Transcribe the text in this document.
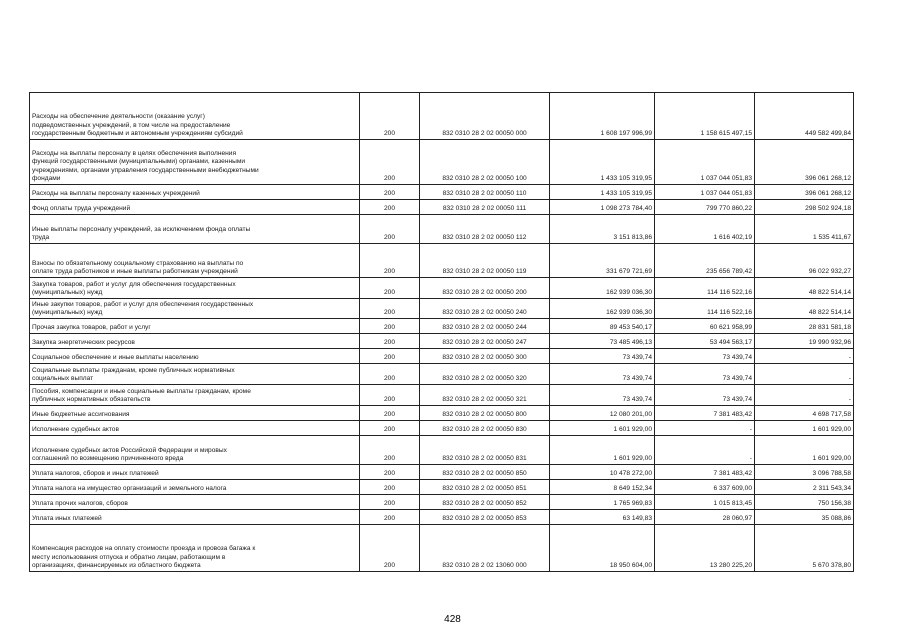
Расходы на обеспечение деятельности (оказание услуг)
подведомственных учреждений, в том числе на предоставление
государственным бюджетным и автономным учреждениям субсидий	200	832 0310 28 2 02 00050 000	1 608 197 996,99	1 158 615 497,15	449 582 499,84
Расходы на выплаты персоналу в целях обеспечения выполнения
функций государственными (муниципальными) органами, казенными
учреждениями, органами управления государственными внебюджетными
фондами	200	832 0310 28 2 02 00050 100	1 433 105 319,95	1 037 044 051,83	396 061 268,12
Расходы на выплаты персоналу казенных учреждений	200	832 0310 28 2 02 00050 110	1 433 105 319,95	1 037 044 051,83	396 061 268,12
Фонд оплаты труда учреждений	200	832 0310 28 2 02 00050 111	1 098 273 784,40	799 770 860,22	298 502 924,18
Иные выплаты персоналу учреждений, за исключением фонда оплаты
труда	200	832 0310 28 2 02 00050 112	3 151 813,86	1 616 402,19	1 535 411,67
Взносы по обязательному социальному страхованию на выплаты по
оплате труда работников и иные выплаты работникам учреждений	200	832 0310 28 2 02 00050 119	331 679 721,69	235 656 789,42	96 022 932,27
Закупка товаров, работ и услуг для обеспечения государственных
(муниципальных) нужд	200	832 0310 28 2 02 00050 200	162 939 036,30	114 116 522,16	48 822 514,14
Иные закупки товаров, работ и услуг для обеспечения государственных
(муниципальных) нужд	200	832 0310 28 2 02 00050 240	162 939 036,30	114 116 522,16	48 822 514,14
Прочая закупка товаров, работ и услуг	200	832 0310 28 2 02 00050 244	89 453 540,17	60 621 958,99	28 831 581,18
Закупка энергетических ресурсов	200	832 0310 28 2 02 00050 247	73 485 496,13	53 494 563,17	19 990 932,96
Социальное обеспечение и иные выплаты населению	200	832 0310 28 2 02 00050 300	73 439,74	73 439,74	-
Социальные выплаты гражданам, кроме публичных нормативных
социальных выплат	200	832 0310 28 2 02 00050 320	73 439,74	73 439,74	-
Пособия, компенсации и иные социальные выплаты гражданам, кроме
публичных нормативных обязательств	200	832 0310 28 2 02 00050 321	73 439,74	73 439,74	-
Иные бюджетные ассигнования	200	832 0310 28 2 02 00050 800	12 080 201,00	7 381 483,42	4 698 717,58
Исполнение судебных актов	200	832 0310 28 2 02 00050 830	1 601 929,00	-	1 601 929,00
Исполнение судебных актов Российской Федерации и мировых
соглашений по возмещению причиненного вреда	200	832 0310 28 2 02 00050 831	1 601 929,00	-	1 601 929,00
Уплата налогов, сборов и иных платежей	200	832 0310 28 2 02 00050 850	10 478 272,00	7 381 483,42	3 096 788,58
Уплата налога на имущество организаций и земельного налога	200	832 0310 28 2 02 00050 851	8 649 152,34	6 337 609,00	2 311 543,34
Уплата прочих налогов, сборов	200	832 0310 28 2 02 00050 852	1 765 969,83	1 015 813,45	750 156,38
Уплата иных платежей	200	832 0310 28 2 02 00050 853	63 149,83	28 060,97	35 088,86
Компенсация расходов на оплату стоимости проезда и провоза багажа к
месту использования отпуска и обратно лицам, работающим в
организациях, финансируемых из областного бюджета	200	832 0310 28 2 02 13060 000	18 950 604,00	13 280 225,20	5 670 378,80
428
